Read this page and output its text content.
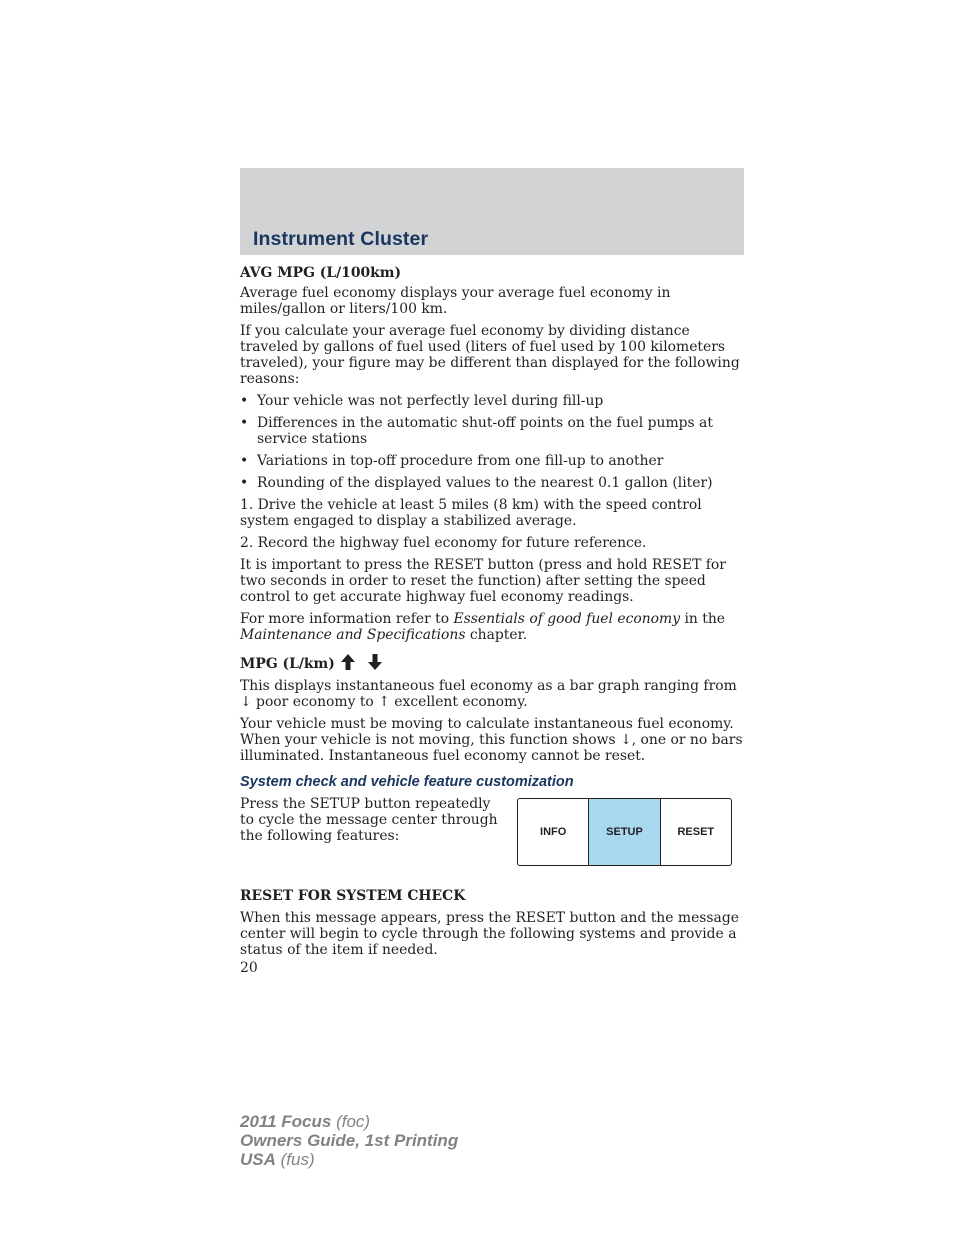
Instrument Cluster
AVG MPG (L/100km)

Average fuel economy displays your average fuel economy in miles/gallon or liters/100 km.

If you calculate your average fuel economy by dividing distance traveled by gallons of fuel used (liters of fuel used by 100 kilometers traveled), your figure may be different than displayed for the following reasons:

• Your vehicle was not perfectly level during fill-up
• Differences in the automatic shut-off points on the fuel pumps at service stations
• Variations in top-off procedure from one fill-up to another
• Rounding of the displayed values to the nearest 0.1 gallon (liter)

1. Drive the vehicle at least 5 miles (8 km) with the speed control system engaged to display a stabilized average.

2. Record the highway fuel economy for future reference.

It is important to press the RESET button (press and hold RESET for two seconds in order to reset the function) after setting the speed control to get accurate highway fuel economy readings.

For more information refer to Essentials of good fuel economy in the Maintenance and Specifications chapter.

MPG (L/km)

This displays instantaneous fuel economy as a bar graph ranging from ↓ poor economy to ↑ excellent economy.

Your vehicle must be moving to calculate instantaneous fuel economy. When your vehicle is not moving, this function shows ↓, one or no bars illuminated. Instantaneous fuel economy cannot be reset.

System check and vehicle feature customization
Press the SETUP button repeatedly to cycle the message center through the following features:	INFO	SETUP	RESET
RESET FOR SYSTEM CHECK

When this message appears, press the RESET button and the message center will begin to cycle through the following systems and provide a status of the item if needed.

20
2011 Focus (foc)
Owners Guide, 1st Printing
USA (fus)
